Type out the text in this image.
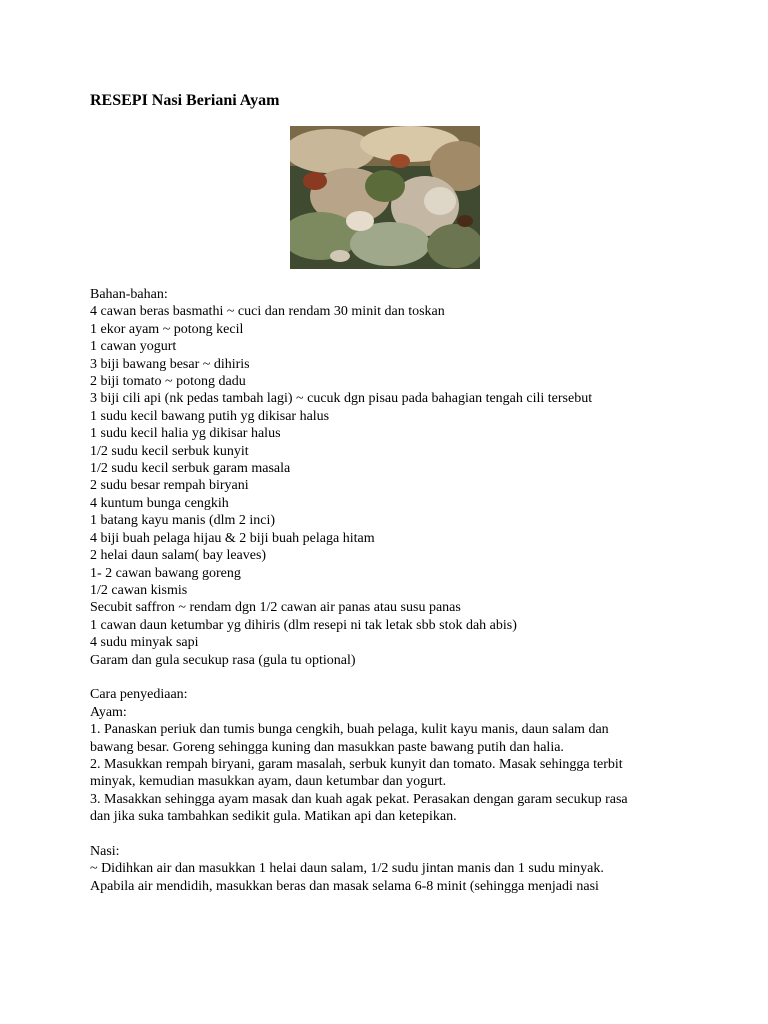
RESEPI Nasi Beriani Ayam

Bahan-bahan:

4 cawan beras basmathi ~ cuci dan rendam 30 minit dan toskan

1 ekor ayam ~ potong kecil

1 cawan yogurt

3 biji bawang besar ~ dihiris

2 biji tomato ~ potong dadu

3 biji cili api (nk pedas tambah lagi) ~ cucuk dgn pisau pada bahagian tengah cili tersebut

1 sudu kecil bawang putih yg dikisar halus

1 sudu kecil halia yg dikisar halus

1/2 sudu kecil serbuk kunyit

1/2 sudu kecil serbuk garam masala

2 sudu besar rempah biryani

4 kuntum bunga cengkih

1 batang kayu manis (dlm 2 inci)

4 biji buah pelaga hijau & 2 biji buah pelaga hitam

2 helai daun salam( bay leaves)

1- 2 cawan bawang goreng

1/2 cawan kismis

Secubit saffron ~ rendam dgn 1/2 cawan air panas atau susu panas

1 cawan daun ketumbar yg dihiris (dlm resepi ni tak letak sbb stok dah abis)

4 sudu minyak sapi

Garam dan gula secukup rasa (gula tu optional)

Cara penyediaan:

Ayam:

1. Panaskan periuk dan tumis bunga cengkih, buah pelaga, kulit kayu manis, daun salam dan

bawang besar. Goreng sehingga kuning dan masukkan paste bawang putih dan halia.

2. Masukkan rempah biryani, garam masalah, serbuk kunyit dan tomato. Masak sehingga terbit

minyak, kemudian masukkan ayam, daun ketumbar dan yogurt.

3. Masakkan sehingga ayam masak dan kuah agak pekat. Perasakan dengan garam secukup rasa

dan jika suka tambahkan sedikit gula. Matikan api dan ketepikan.

Nasi:

~ Didihkan air dan masukkan 1 helai daun salam, 1/2 sudu jintan manis dan 1 sudu minyak.

Apabila air mendidih, masukkan beras dan masak selama 6-8 minit (sehingga menjadi nasi
